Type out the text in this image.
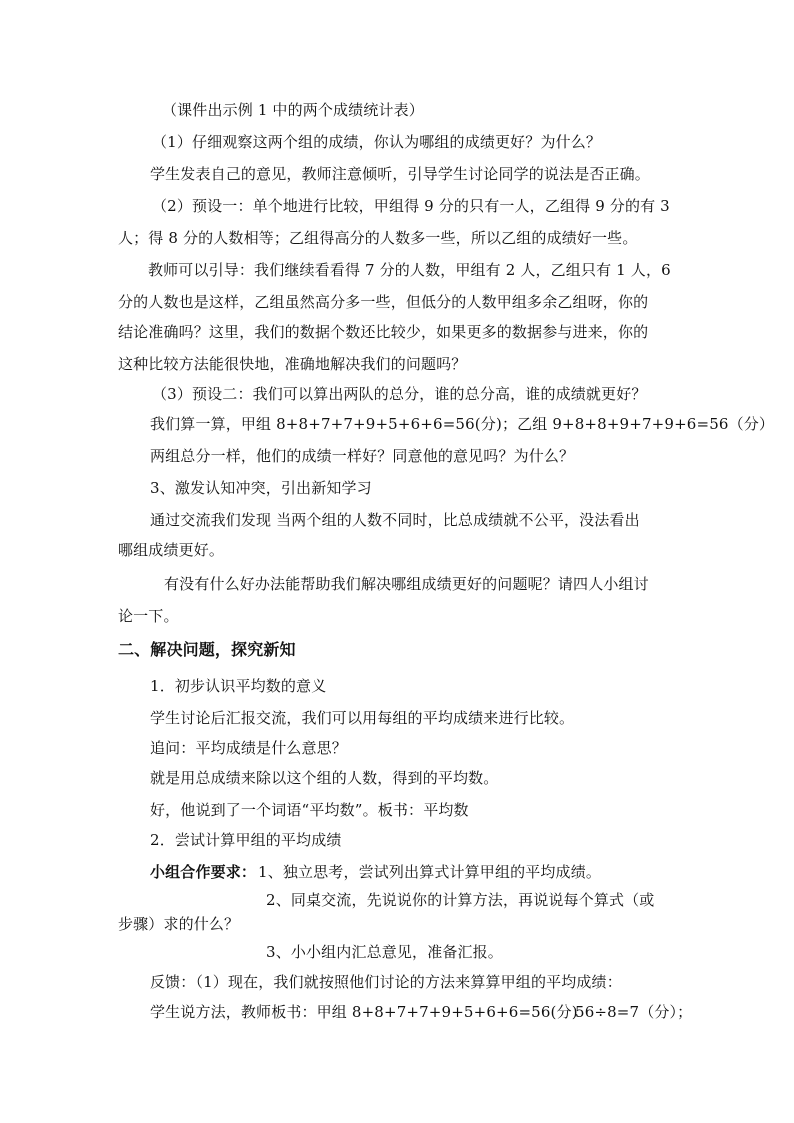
（课件出示例 1 中的两个成绩统计表）
（1）仔细观察这两个组的成绩，你认为哪组的成绩更好？为什么？
学生发表自己的意见，教师注意倾听，引导学生讨论同学的说法是否正确。
（2）预设一：单个地进行比较，甲组得 9 分的只有一人，乙组得 9 分的有 3
人；得 8 分的人数相等；乙组得高分的人数多一些，所以乙组的成绩好一些。
教师可以引导：我们继续看看得 7 分的人数，甲组有 2 人，乙组只有 1 人，6
分的人数也是这样，乙组虽然高分多一些，但低分的人数甲组多余乙组呀，你的
结论准确吗？这里，我们的数据个数还比较少，如果更多的数据参与进来，你的
这种比较方法能很快地，准确地解决我们的问题吗？
（3）预设二：我们可以算出两队的总分，谁的总分高，谁的成绩就更好？
我们算一算，甲组 8+8+7+7+9+5+6+6=56(分)；乙组 9+8+8+9+7+9+6=56（分）
两组总分一样，他们的成绩一样好？同意他的意见吗？为什么？
3、激发认知冲突，引出新知学习
通过交流我们发现 当两个组的人数不同时，比总成绩就不公平，没法看出
哪组成绩更好。
有没有什么好办法能帮助我们解决哪组成绩更好的问题呢？请四人小组讨
论一下。
二、解决问题，探究新知
1．初步认识平均数的意义
学生讨论后汇报交流，我们可以用每组的平均成绩来进行比较。
追问：平均成绩是什么意思？
就是用总成绩来除以这个组的人数，得到的平均数。
好，他说到了一个词语“平均数”。板书：平均数
2．尝试计算甲组的平均成绩
小组合作要求： 1、独立思考，尝试列出算式计算甲组的平均成绩。
2、同桌交流，先说说你的计算方法，再说说每个算式（或
步骤）求的什么？
3、小小组内汇总意见，准备汇报。
反馈：（1）现在，我们就按照他们讨论的方法来算算甲组的平均成绩：
学生说方法，教师板书：甲组 8+8+7+7+9+5+6+6=56(分)
56÷8=7（分）；
